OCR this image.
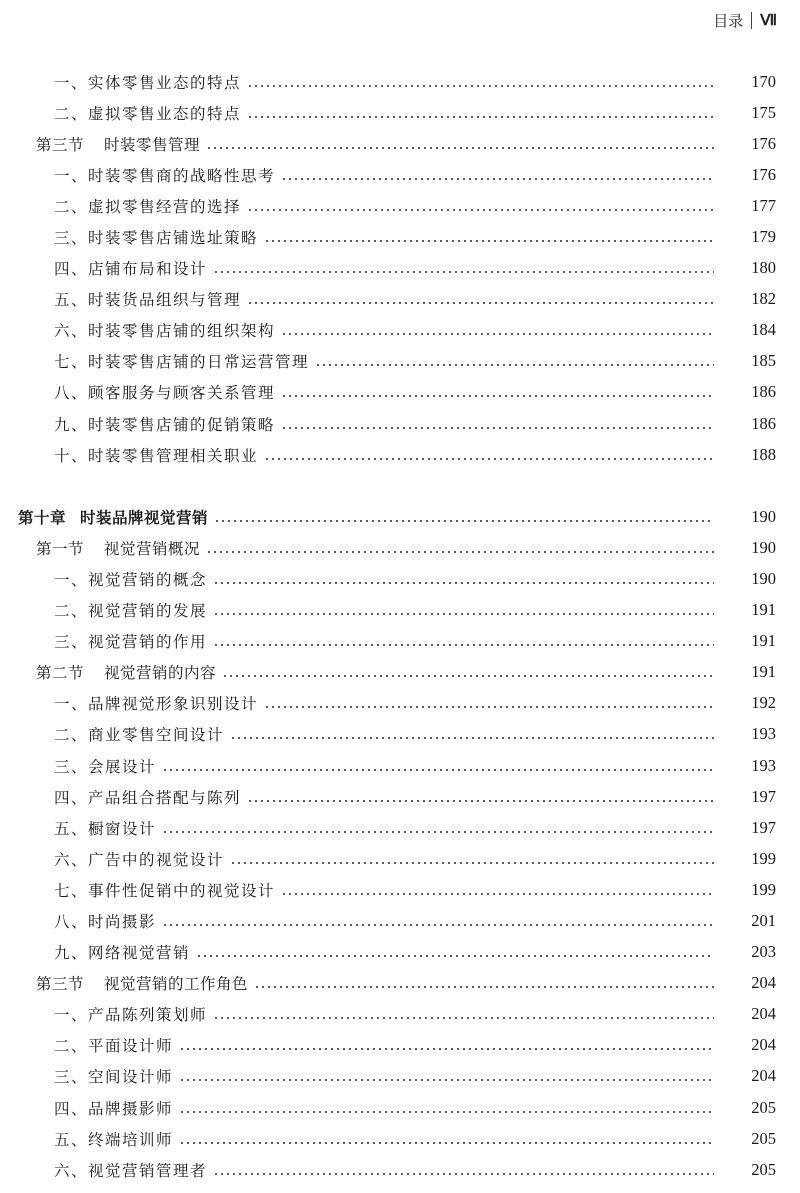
目录 Ⅶ
一、实体零售业态的特点	170
二、虚拟零售业态的特点	175
第三节 时装零售管理	176
一、时装零售商的战略性思考	176
二、虚拟零售经营的选择	177
三、时装零售店铺选址策略	179
四、店铺布局和设计	180
五、时装货品组织与管理	182
六、时装零售店铺的组织架构	184
七、时装零售店铺的日常运营管理	185
八、顾客服务与顾客关系管理	186
九、时装零售店铺的促销策略	186
十、时装零售管理相关职业	188
第十章 时装品牌视觉营销	190
第一节 视觉营销概况	190
一、视觉营销的概念	190
二、视觉营销的发展	191
三、视觉营销的作用	191
第二节 视觉营销的内容	191
一、品牌视觉形象识别设计	192
二、商业零售空间设计	193
三、会展设计	193
四、产品组合搭配与陈列	197
五、橱窗设计	197
六、广告中的视觉设计	199
七、事件性促销中的视觉设计	199
八、时尚摄影	201
九、网络视觉营销	203
第三节 视觉营销的工作角色	204
一、产品陈列策划师	204
二、平面设计师	204
三、空间设计师	204
四、品牌摄影师	205
五、终端培训师	205
六、视觉营销管理者	205
